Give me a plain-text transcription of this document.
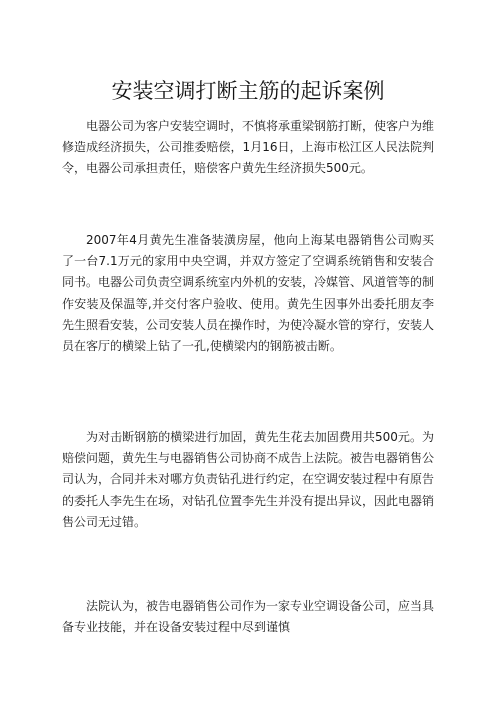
安装空调打断主筋的起诉案例

电器公司为客户安装空调时，不慎将承重梁钢筋打断，使客户为维修造成经济损失，公司推委赔偿，1月16日，上海市松江区人民法院判令，电器公司承担责任，赔偿客户黄先生经济损失500元。

2007年4月黄先生准备装潢房屋，他向上海某电器销售公司购买了一台7.1万元的家用中央空调，并双方签定了空调系统销售和安装合同书。电器公司负责空调系统室内外机的安装，冷媒管、风道管等的制作安装及保温等,并交付客户验收、使用。黄先生因事外出委托朋友李先生照看安装，公司安装人员在操作时，为使冷凝水管的穿行，安装人员在客厅的横梁上钻了一孔,使横梁内的钢筋被击断。

为对击断钢筋的横梁进行加固，黄先生花去加固费用共500元。为赔偿问题，黄先生与电器销售公司协商不成告上法院。被告电器销售公司认为，合同并未对哪方负责钻孔进行约定，在空调安装过程中有原告的委托人李先生在场，对钻孔位置李先生并没有提出异议，因此电器销售公司无过错。

法院认为，被告电器销售公司作为一家专业空调设备公司，应当具备专业技能，并在设备安装过程中尽到谨慎
